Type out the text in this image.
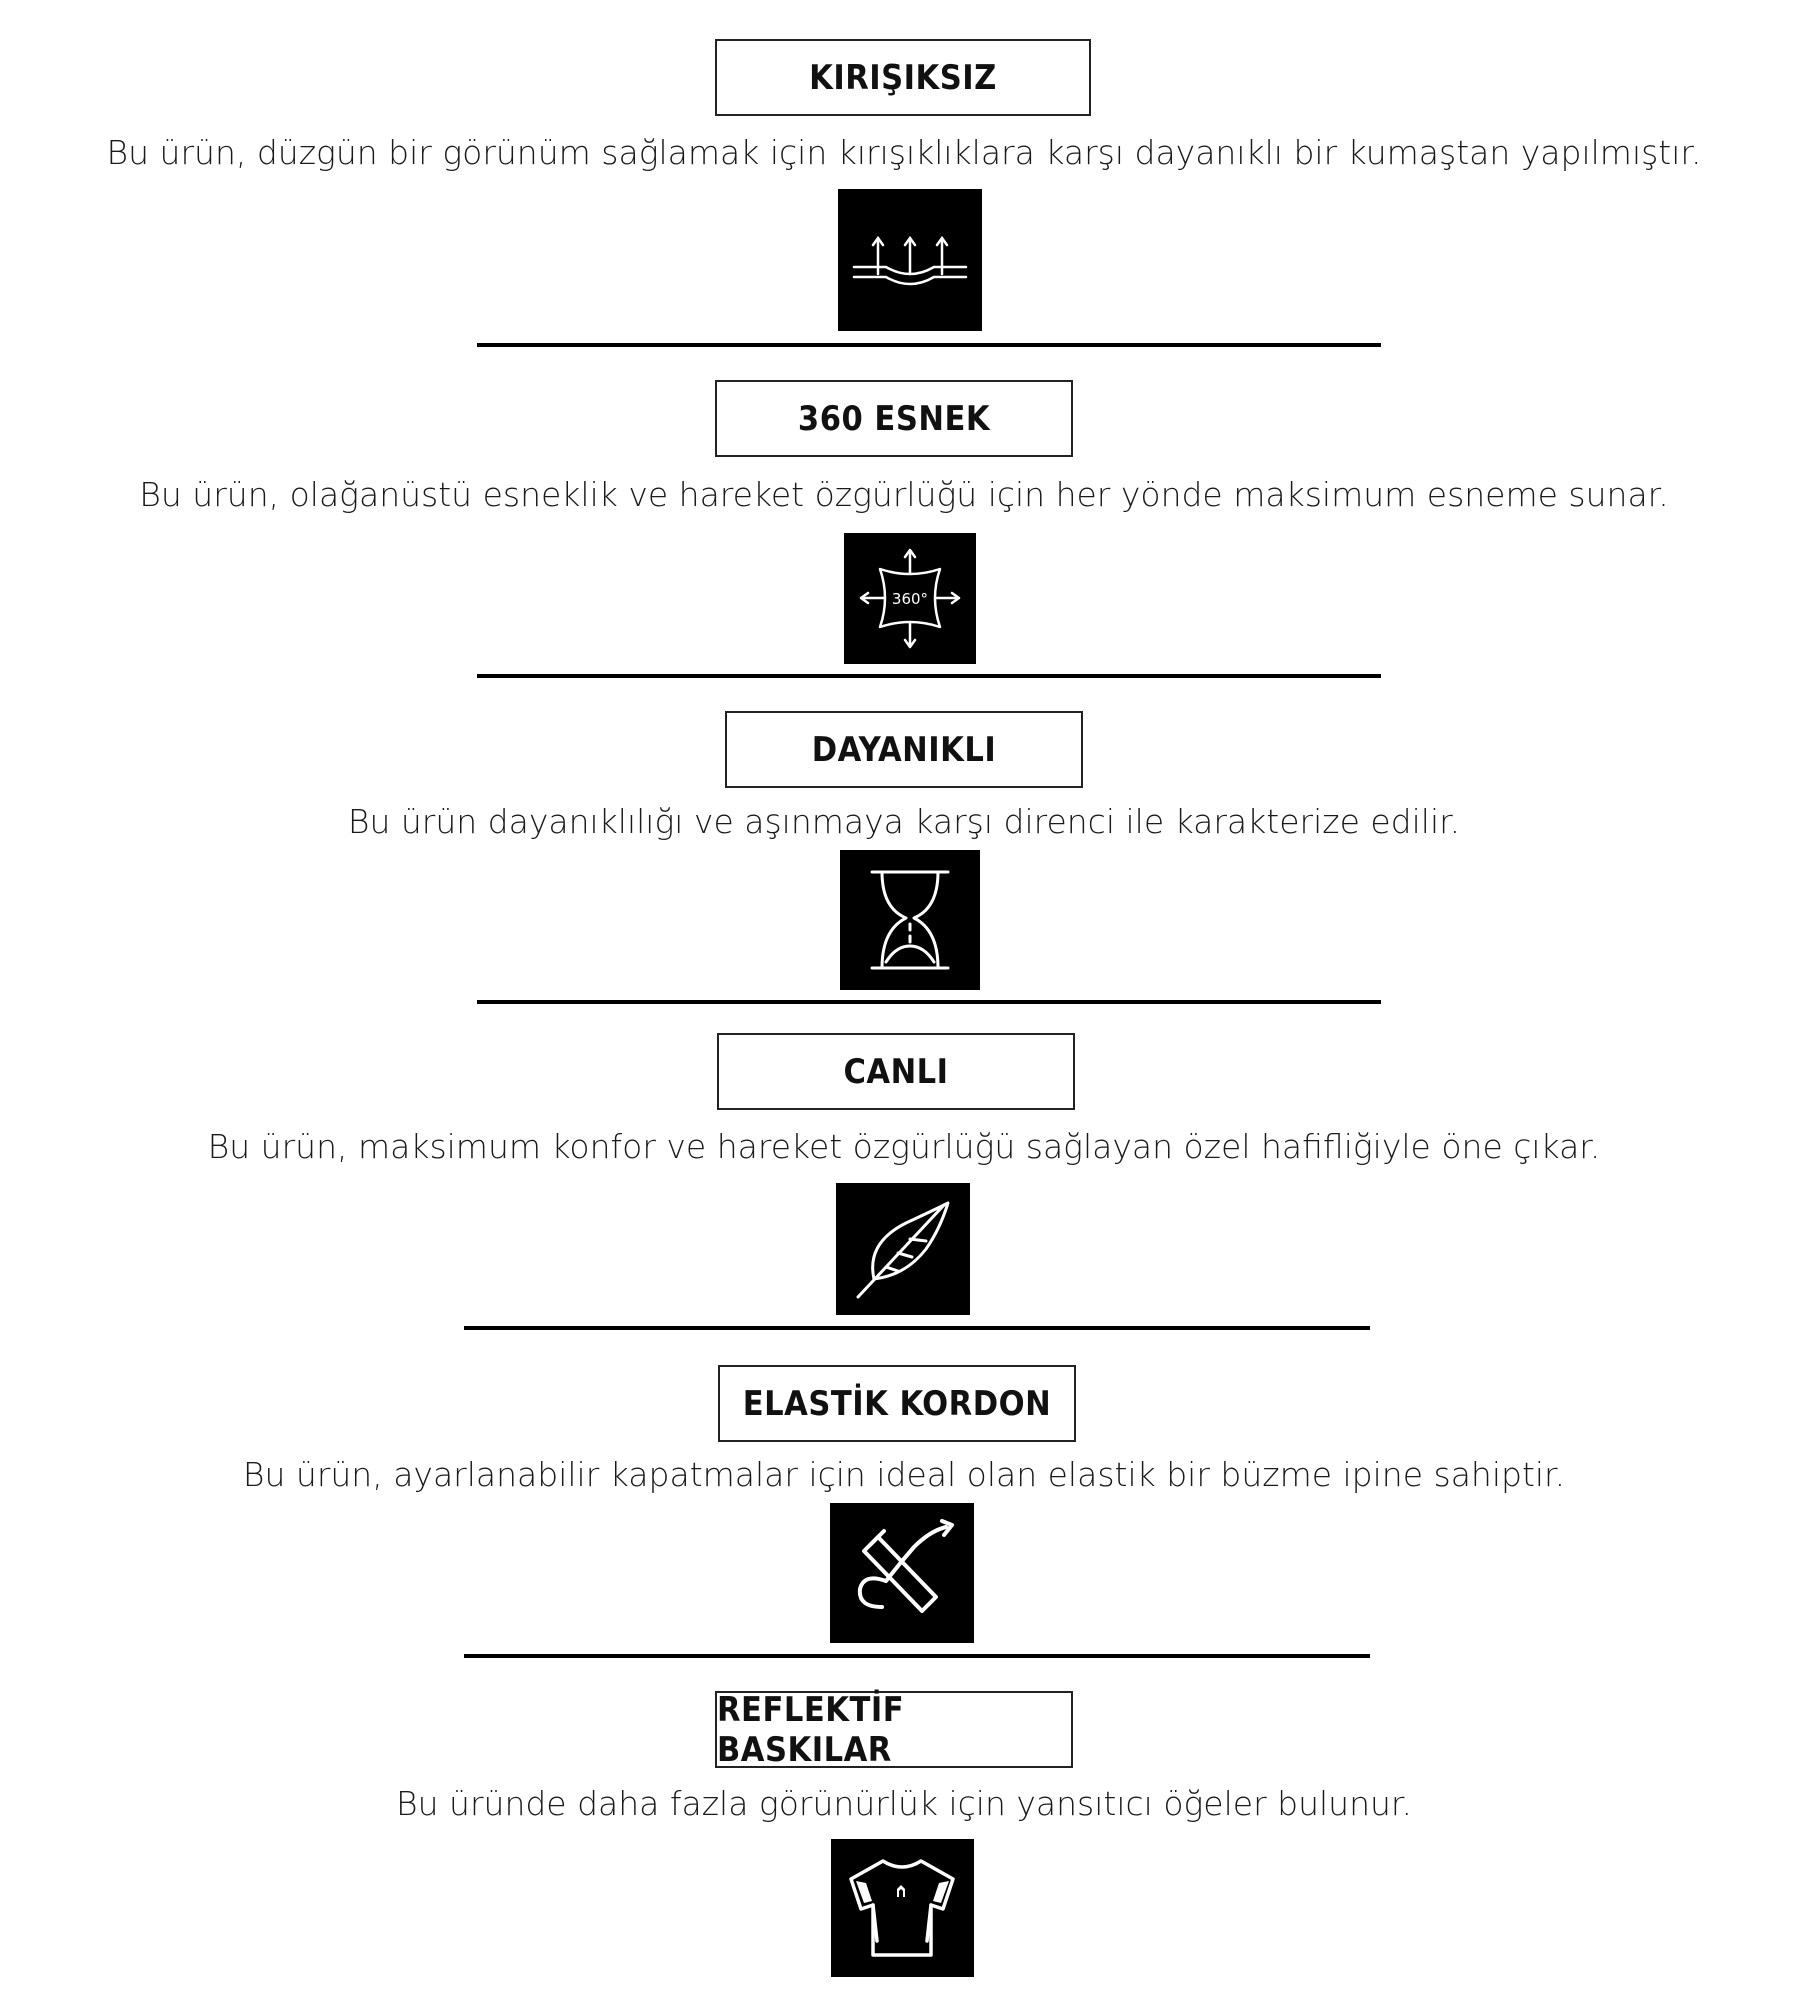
KIRIŞIKSIZ
Bu ürün, düzgün bir görünüm sağlamak için kırışıklıklara karşı dayanıklı bir kumaştan yapılmıştır.
360 ESNEK
Bu ürün, olağanüstü esneklik ve hareket özgürlüğü için her yönde maksimum esneme sunar.
360°
DAYANIKLI
Bu ürün dayanıklılığı ve aşınmaya karşı direnci ile karakterize edilir.
CANLI
Bu ürün, maksimum konfor ve hareket özgürlüğü sağlayan özel hafifliğiyle öne çıkar.
ELASTİK KORDON
Bu ürün, ayarlanabilir kapatmalar için ideal olan elastik bir büzme ipine sahiptir.
REFLEKTİF BASKILAR
Bu üründe daha fazla görünürlük için yansıtıcı öğeler bulunur.
